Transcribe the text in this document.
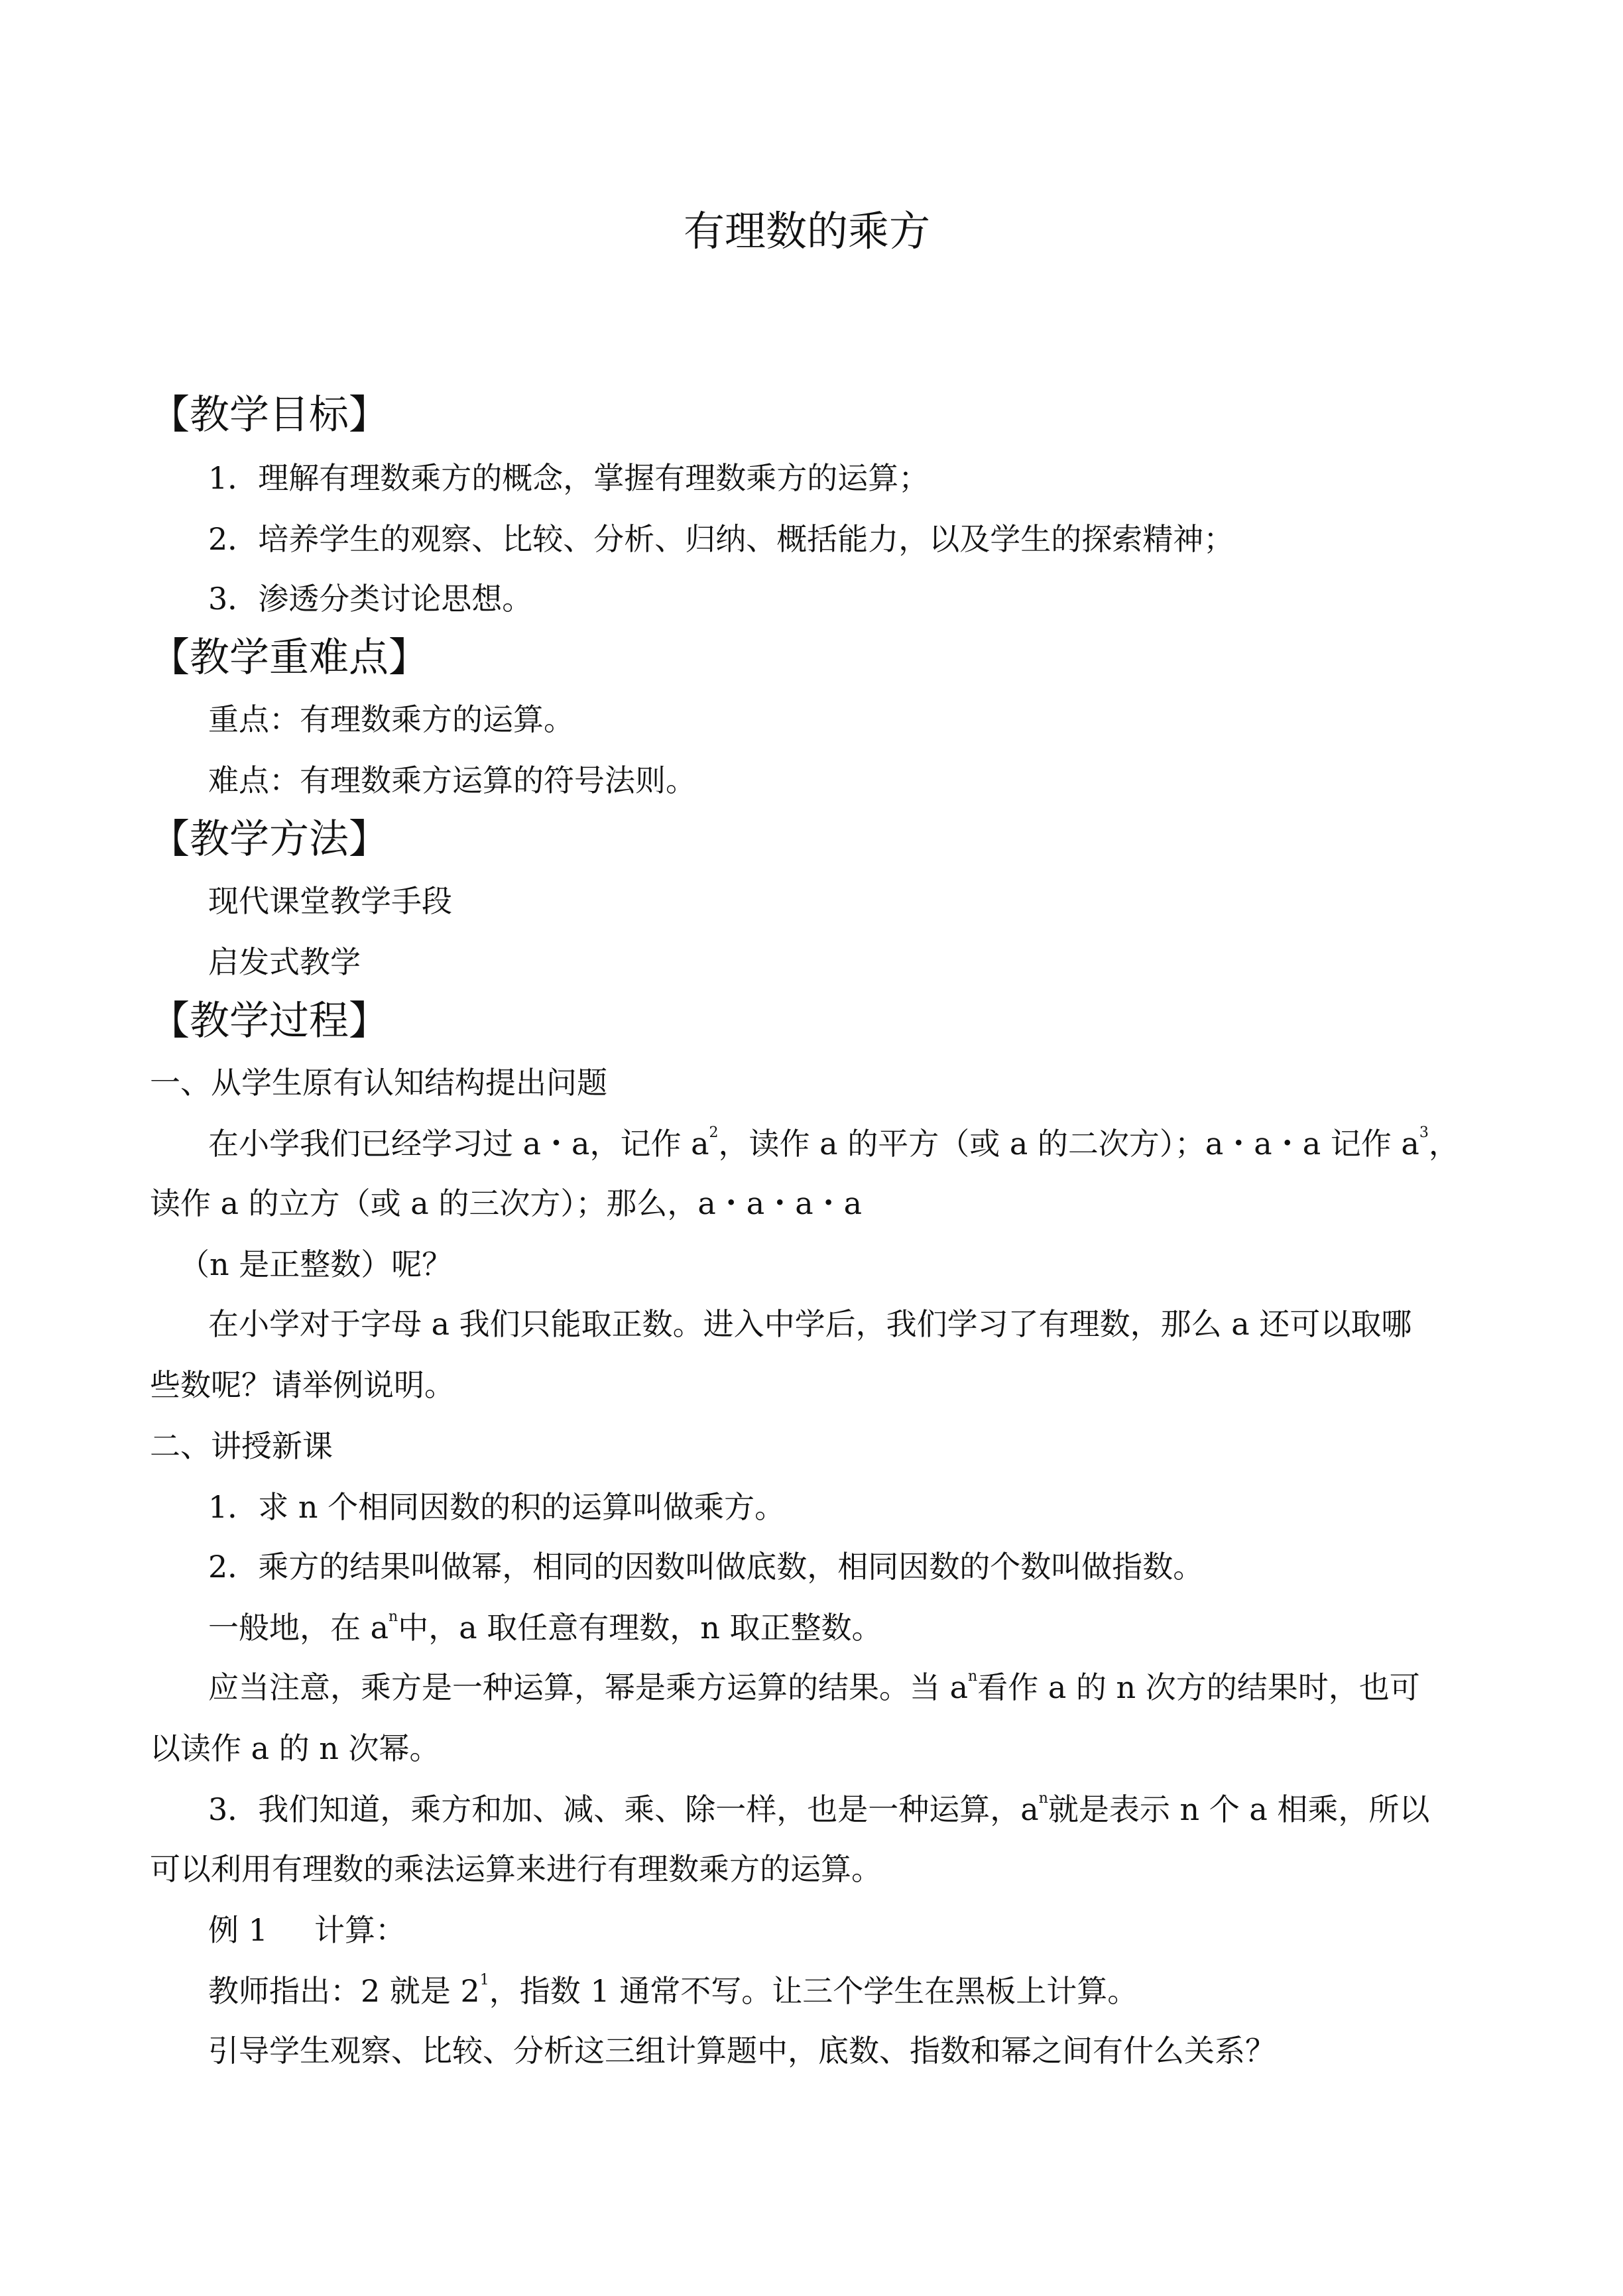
有理数的乘方
【教学目标】
1．理解有理数乘方的概念，掌握有理数乘方的运算；
2．培养学生的观察、比较、分析、归纳、概括能力，以及学生的探索精神；
3．渗透分类讨论思想。
【教学重难点】
重点：有理数乘方的运算。
难点：有理数乘方运算的符号法则。
【教学方法】
现代课堂教学手段
启发式教学
【教学过程】
一、从学生原有认知结构提出问题
在小学我们已经学习过 a・a，记作 $a^2$，读作 a 的平方（或 a 的二次方）；a・a・a 记作 $a^3$，
读作 a 的立方（或 a 的三次方）；那么，a・a・a・a
（n 是正整数）呢？
在小学对于字母 a 我们只能取正数。进入中学后，我们学习了有理数，那么 a 还可以取哪
些数呢？请举例说明。
二、讲授新课
1．求 n 个相同因数的积的运算叫做乘方。
2．乘方的结果叫做幂，相同的因数叫做底数，相同因数的个数叫做指数。
一般地，在 $a^n$中，a 取任意有理数，n 取正整数。
应当注意，乘方是一种运算，幂是乘方运算的结果。当 $a^n$看作 a 的 n 次方的结果时，也可
以读作 a 的 n 次幂。
3．我们知道，乘方和加、减、乘、除一样，也是一种运算，$a^n$就是表示 n 个 a 相乘，所以
可以利用有理数的乘法运算来进行有理数乘方的运算。
例 1 计算：
教师指出：2 就是 $2^1$，指数 1 通常不写。让三个学生在黑板上计算。
引导学生观察、比较、分析这三组计算题中，底数、指数和幂之间有什么关系？
